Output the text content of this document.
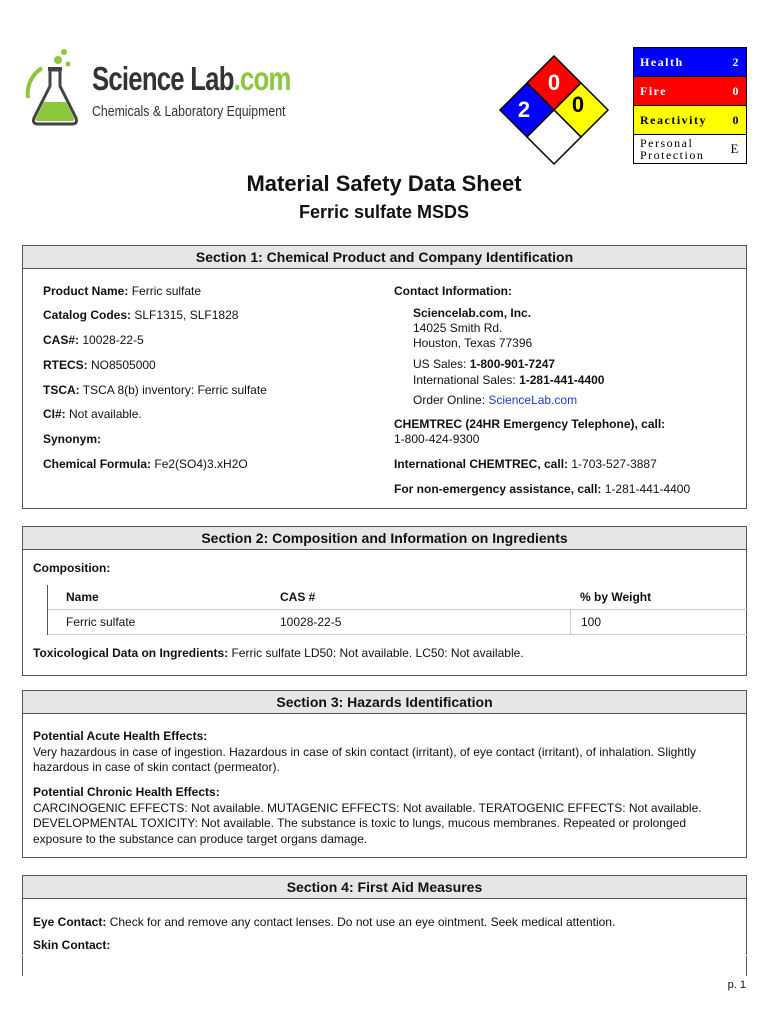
Science Lab.com
Chemicals & Laboratory Equipment
0
2 0
Health	2
Fire	0
Reactivity 0
Personal Protection	E
Material Safety Data Sheet
Ferric sulfate MSDS
Section 1: Chemical Product and Company Identification
Product Name: Ferric sulfate
Catalog Codes: SLF1315, SLF1828
CAS#: 10028-22-5
RTECS: NO8505000
TSCA: TSCA 8(b) inventory: Ferric sulfate
CI#: Not available.
Synonym:
Chemical Formula: Fe2(SO4)3.xH2O
Contact Information:
Sciencelab.com, Inc.
14025 Smith Rd.
Houston, Texas 77396
US Sales: 1-800-901-7247
International Sales: 1-281-441-4400
Order Online: ScienceLab.com
CHEMTREC (24HR Emergency Telephone), call:
1-800-424-9300
International CHEMTREC, call: 1-703-527-3887
For non-emergency assistance, call: 1-281-441-4400
Section 2: Composition and Information on Ingredients
Composition:
Name	CAS #	% by Weight
Ferric sulfate	10028-22-5	100
Toxicological Data on Ingredients: Ferric sulfate LD50: Not available. LC50: Not available.
Section 3: Hazards Identification
Potential Acute Health Effects:
Very hazardous in case of ingestion. Hazardous in case of skin contact (irritant), of eye contact (irritant), of inhalation. Slightly hazardous in case of skin contact (permeator).
Potential Chronic Health Effects:
CARCINOGENIC EFFECTS: Not available. MUTAGENIC EFFECTS: Not available. TERATOGENIC EFFECTS: Not available. DEVELOPMENTAL TOXICITY: Not available. The substance is toxic to lungs, mucous membranes. Repeated or prolonged exposure to the substance can produce target organs damage.
Section 4: First Aid Measures
Eye Contact: Check for and remove any contact lenses. Do not use an eye ointment. Seek medical attention.
Skin Contact:
p. 1
